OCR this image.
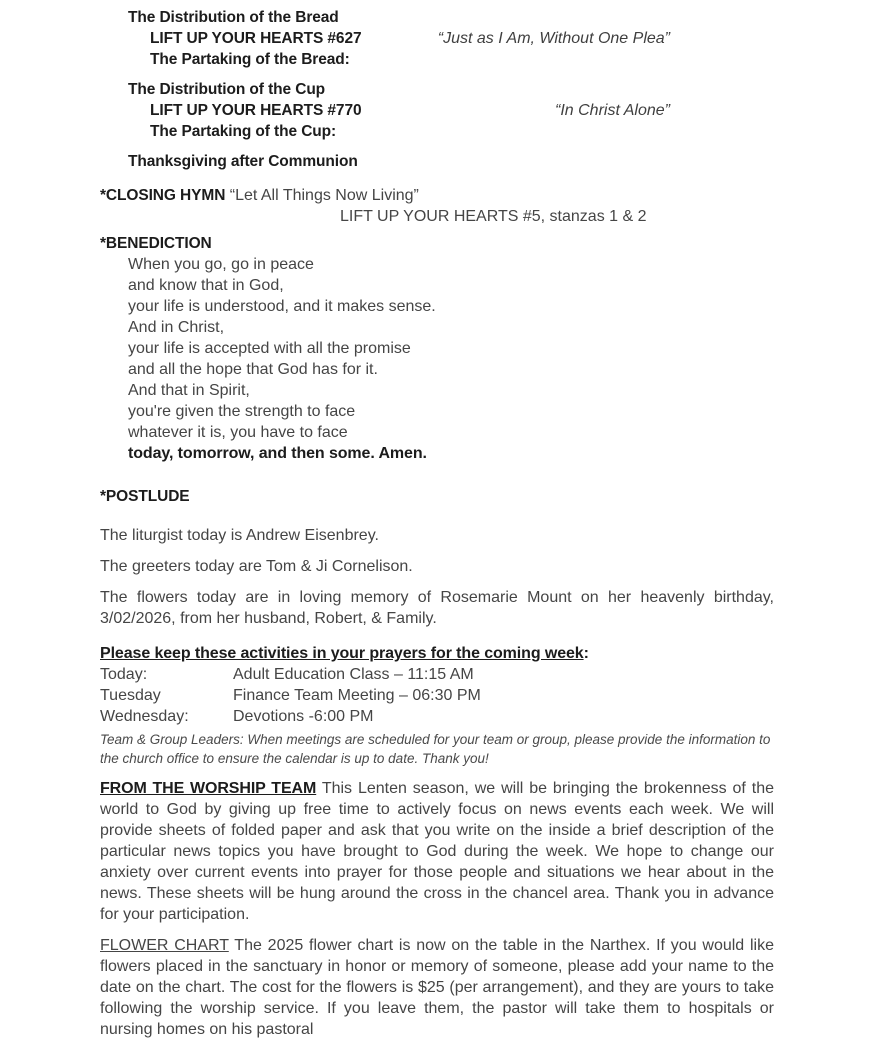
The Distribution of the Bread
LIFT UP YOUR HEARTS #627	“Just as I Am, Without One Plea”
The Partaking of the Bread:
The Distribution of the Cup
LIFT UP YOUR HEARTS #770	“In Christ Alone”
The Partaking of the Cup:
Thanksgiving after Communion
*CLOSING HYMN “Let All Things Now Living”
LIFT UP YOUR HEARTS #5, stanzas 1 & 2
*BENEDICTION
When you go, go in peace
and know that in God,
your life is understood, and it makes sense.
And in Christ,
your life is accepted with all the promise
and all the hope that God has for it.
And that in Spirit,
you're given the strength to face
whatever it is, you have to face
today, tomorrow, and then some. Amen.
*POSTLUDE

The liturgist today is Andrew Eisenbrey.

The greeters today are Tom & Ji Cornelison.

The flowers today are in loving memory of Rosemarie Mount on her heavenly birthday, 3/02/2026, from her husband, Robert, & Family.

Please keep these activities in your prayers for the coming week:
Today:	Adult Education Class – 11:15 AM
Tuesday	Finance Team Meeting – 06:30 PM
Wednesday:	Devotions -6:00 PM
Team & Group Leaders: When meetings are scheduled for your team or group, please provide the information to the church office to ensure the calendar is up to date. Thank you!

FROM THE WORSHIP TEAM This Lenten season, we will be bringing the brokenness of the world to God by giving up free time to actively focus on news events each week. We will provide sheets of folded paper and ask that you write on the inside a brief description of the particular news topics you have brought to God during the week. We hope to change our anxiety over current events into prayer for those people and situations we hear about in the news. These sheets will be hung around the cross in the chancel area. Thank you in advance for your participation.

FLOWER CHART The 2025 flower chart is now on the table in the Narthex. If you would like flowers placed in the sanctuary in honor or memory of someone, please add your name to the date on the chart. The cost for the flowers is $25 (per arrangement), and they are yours to take following the worship service. If you leave them, the pastor will take them to hospitals or nursing homes on his pastoral
